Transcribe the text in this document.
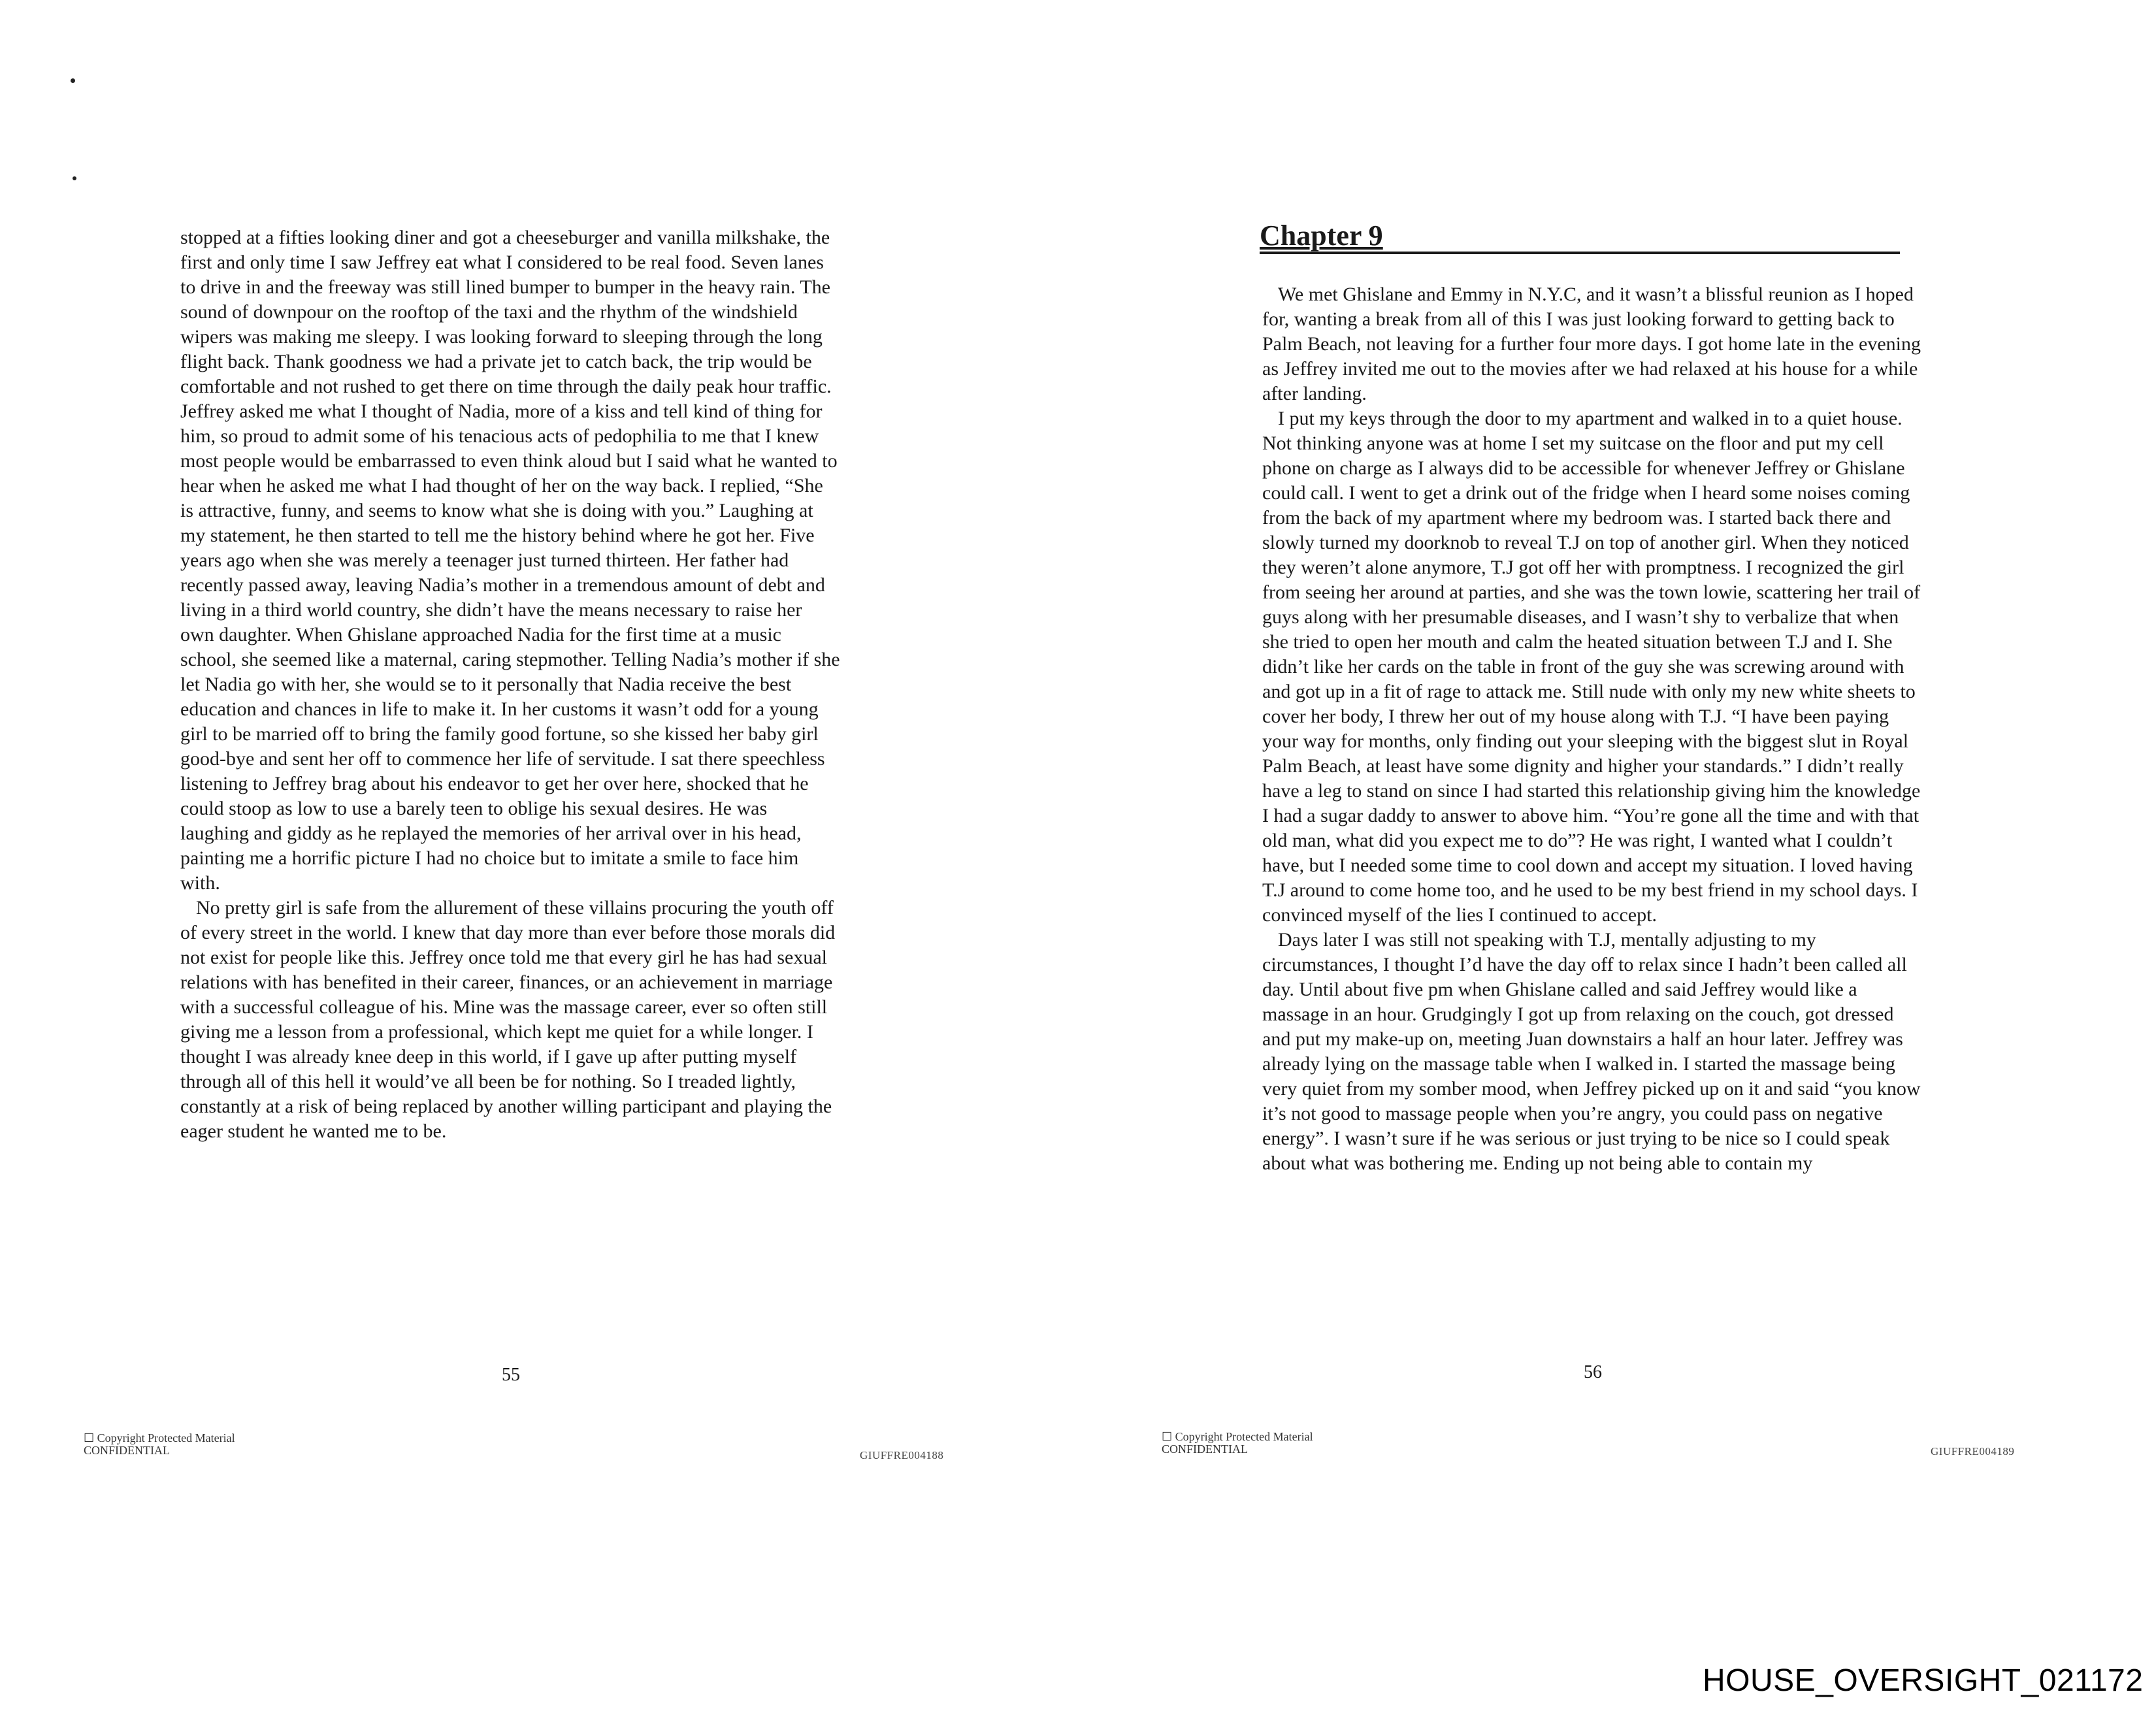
stopped at a fifties looking diner and got a cheeseburger and vanilla milkshake, the first and only time I saw Jeffrey eat what I considered to be real food. Seven lanes to drive in and the freeway was still lined bumper to bumper in the heavy rain. The sound of downpour on the rooftop of the taxi and the rhythm of the windshield wipers was making me sleepy. I was looking forward to sleeping through the long flight back. Thank goodness we had a private jet to catch back, the trip would be comfortable and not rushed to get there on time through the daily peak hour traffic. Jeffrey asked me what I thought of Nadia, more of a kiss and tell kind of thing for him, so proud to admit some of his tenacious acts of pedophilia to me that I knew most people would be embarrassed to even think aloud but I said what he wanted to hear when he asked me what I had thought of her on the way back. I replied, “She is attractive, funny, and seems to know what she is doing with you.” Laughing at my statement, he then started to tell me the history behind where he got her. Five years ago when she was merely a teenager just turned thirteen. Her father had recently passed away, leaving Nadia’s mother in a tremendous amount of debt and living in a third world country, she didn’t have the means necessary to raise her own daughter. When Ghislane approached Nadia for the first time at a music school, she seemed like a maternal, caring stepmother. Telling Nadia’s mother if she let Nadia go with her, she would se to it personally that Nadia receive the best education and chances in life to make it. In her customs it wasn’t odd for a young girl to be married off to bring the family good fortune, so she kissed her baby girl good-bye and sent her off to commence her life of servitude. I sat there speechless listening to Jeffrey brag about his endeavor to get her over here, shocked that he could stoop as low to use a barely teen to oblige his sexual desires. He was laughing and giddy as he replayed the memories of her arrival over in his head, painting me a horrific picture I had no choice but to imitate a smile to face him with.

No pretty girl is safe from the allurement of these villains procuring the youth off of every street in the world. I knew that day more than ever before those morals did not exist for people like this. Jeffrey once told me that every girl he has had sexual relations with has benefited in their career, finances, or an achievement in marriage with a successful colleague of his. Mine was the massage career, ever so often still giving me a lesson from a professional, which kept me quiet for a while longer. I thought I was already knee deep in this world, if I gave up after putting myself through all of this hell it would’ve all been be for nothing. So I treaded lightly, constantly at a risk of being replaced by another willing participant and playing the eager student he wanted me to be.

55
☐ Copyright Protected Material
CONFIDENTIAL	GIUFFRE004188
Chapter 9

We met Ghislane and Emmy in N.Y.C, and it wasn’t a blissful reunion as I hoped for, wanting a break from all of this I was just looking forward to getting back to Palm Beach, not leaving for a further four more days. I got home late in the evening as Jeffrey invited me out to the movies after we had relaxed at his house for a while after landing.

I put my keys through the door to my apartment and walked in to a quiet house. Not thinking anyone was at home I set my suitcase on the floor and put my cell phone on charge as I always did to be accessible for whenever Jeffrey or Ghislane could call. I went to get a drink out of the fridge when I heard some noises coming from the back of my apartment where my bedroom was. I started back there and slowly turned my doorknob to reveal T.J on top of another girl. When they noticed they weren’t alone anymore, T.J got off her with promptness. I recognized the girl from seeing her around at parties, and she was the town lowie, scattering her trail of guys along with her presumable diseases, and I wasn’t shy to verbalize that when she tried to open her mouth and calm the heated situation between T.J and I. She didn’t like her cards on the table in front of the guy she was screwing around with and got up in a fit of rage to attack me. Still nude with only my new white sheets to cover her body, I threw her out of my house along with T.J. “I have been paying your way for months, only finding out your sleeping with the biggest slut in Royal Palm Beach, at least have some dignity and higher your standards.” I didn’t really have a leg to stand on since I had started this relationship giving him the knowledge I had a sugar daddy to answer to above him. “You’re gone all the time and with that old man, what did you expect me to do”? He was right, I wanted what I couldn’t have, but I needed some time to cool down and accept my situation. I loved having T.J around to come home too, and he used to be my best friend in my school days. I convinced myself of the lies I continued to accept.

Days later I was still not speaking with T.J, mentally adjusting to my circumstances, I thought I’d have the day off to relax since I hadn’t been called all day. Until about five pm when Ghislane called and said Jeffrey would like a massage in an hour. Grudgingly I got up from relaxing on the couch, got dressed and put my make-up on, meeting Juan downstairs a half an hour later. Jeffrey was already lying on the massage table when I walked in. I started the massage being very quiet from my somber mood, when Jeffrey picked up on it and said “you know it’s not good to massage people when you’re angry, you could pass on negative energy”. I wasn’t sure if he was serious or just trying to be nice so I could speak about what was bothering me. Ending up not being able to contain my

56
☐ Copyright Protected Material
CONFIDENTIAL	GIUFFRE004189
HOUSE_OVERSIGHT_021172
